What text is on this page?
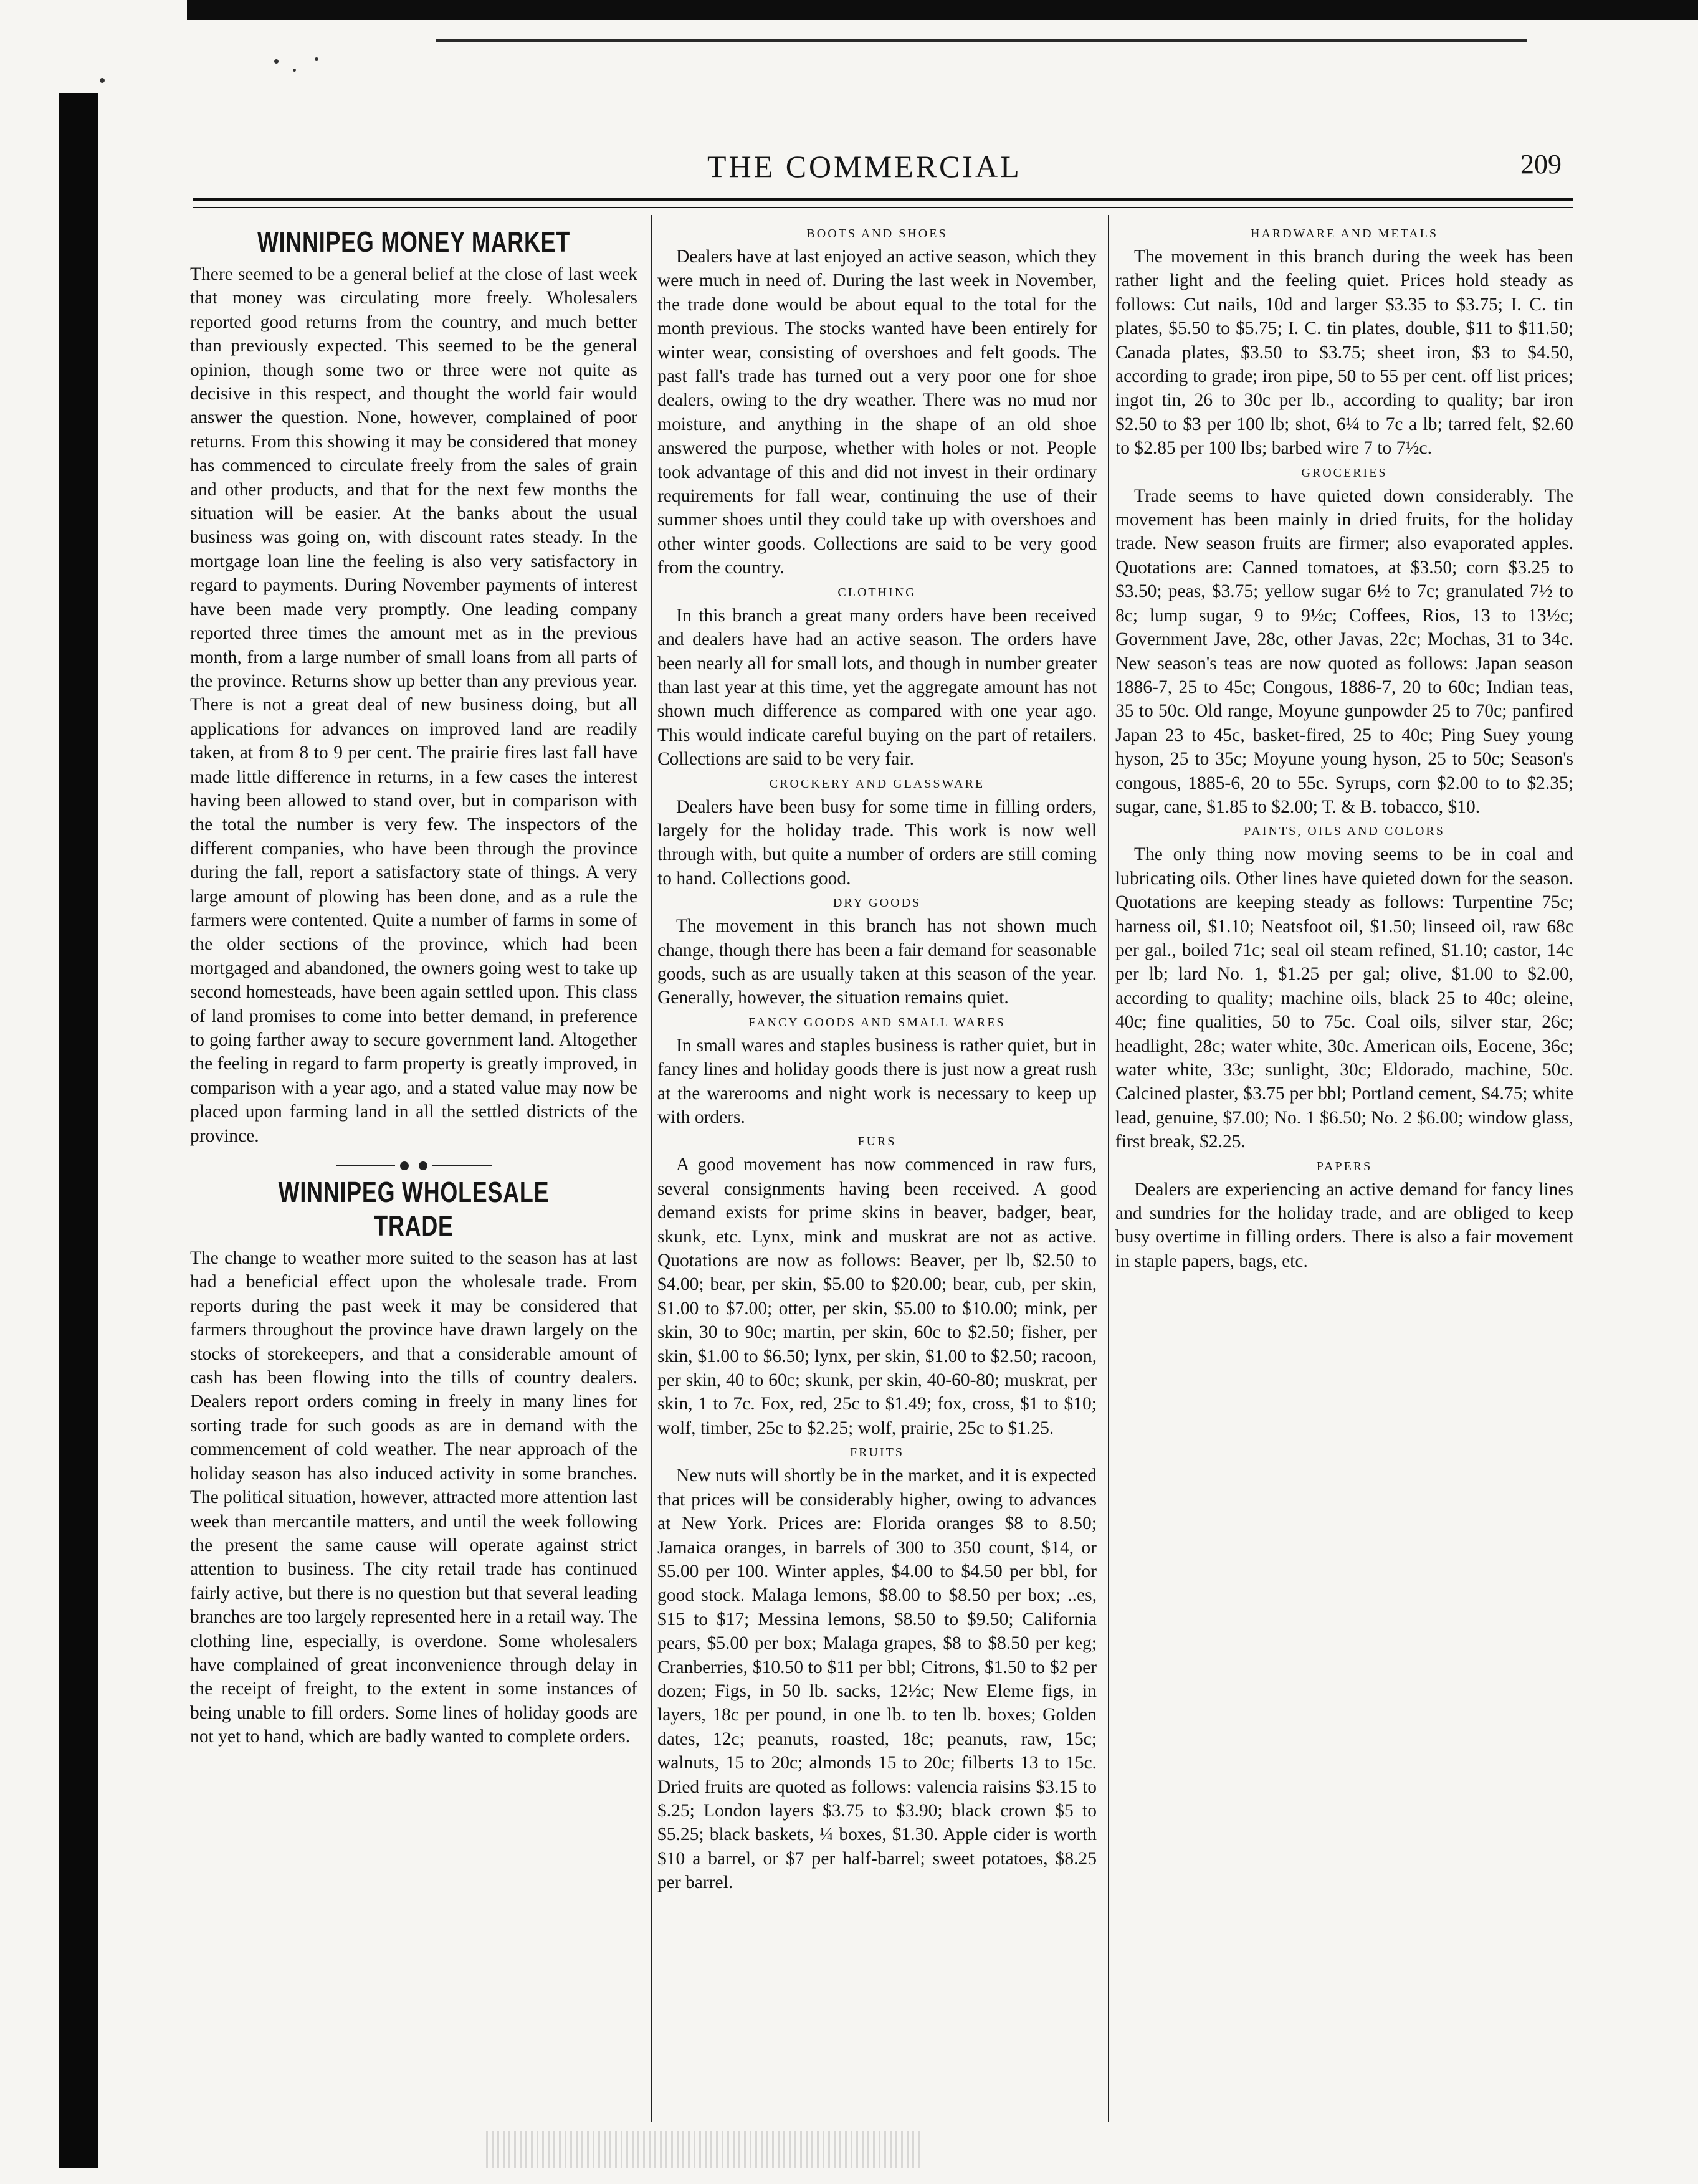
THE COMMERCIAL	209
WINNIPEG MONEY MARKET

There seemed to be a general belief at the close of last week that money was circulating more freely. Wholesalers reported good returns from the country, and much better than previously expected. This seemed to be the general opinion, though some two or three were not quite as decisive in this respect, and thought the world fair would answer the question. None, however, complained of poor returns. From this showing it may be considered that money has commenced to circulate freely from the sales of grain and other products, and that for the next few months the situation will be easier. At the banks about the usual business was going on, with discount rates steady. In the mortgage loan line the feeling is also very satisfactory in regard to payments. During November payments of interest have been made very promptly. One leading company reported three times the amount met as in the previous month, from a large number of small loans from all parts of the province. Returns show up better than any previous year. There is not a great deal of new business doing, but all applications for advances on improved land are readily taken, at from 8 to 9 per cent. The prairie fires last fall have made little difference in returns, in a few cases the interest having been allowed to stand over, but in comparison with the total the number is very few. The inspectors of the different companies, who have been through the province during the fall, report a satisfactory state of things. A very large amount of plowing has been done, and as a rule the farmers were contented. Quite a number of farms in some of the older sections of the province, which had been mortgaged and abandoned, the owners going west to take up second homesteads, have been again settled upon. This class of land promises to come into better demand, in preference to going farther away to secure government land. Altogether the feeling in regard to farm property is greatly improved, in comparison with a year ago, and a stated value may now be placed upon farming land in all the settled districts of the province.

WINNIPEG WHOLESALE TRADE

The change to weather more suited to the season has at last had a beneficial effect upon the wholesale trade. From reports during the past week it may be considered that farmers throughout the province have drawn largely on the stocks of storekeepers, and that a considerable amount of cash has been flowing into the tills of country dealers. Dealers report orders coming in freely in many lines for sorting trade for such goods as are in demand with the commencement of cold weather. The near approach of the holiday season has also induced activity in some branches. The political situation, however, attracted more attention last week than mercantile matters, and until the week following the present the same cause will operate against strict attention to business. The city retail trade has continued fairly active, but there is no question but that several leading branches are too largely represented here in a retail way. The clothing line, especially, is overdone. Some wholesalers have complained of great inconvenience through delay in the receipt of freight, to the extent in some instances of being unable to fill orders. Some lines of holiday goods are not yet to hand, which are badly wanted to complete orders.

BOOTS AND SHOES

Dealers have at last enjoyed an active season, which they were much in need of. During the last week in November, the trade done would be about equal to the total for the month previous. The stocks wanted have been entirely for winter wear, consisting of overshoes and felt goods. The past fall's trade has turned out a very poor one for shoe dealers, owing to the dry weather. There was no mud nor moisture, and anything in the shape of an old shoe answered the purpose, whether with holes or not. People took advantage of this and did not invest in their ordinary requirements for fall wear, continuing the use of their summer shoes until they could take up with overshoes and other winter goods. Collections are said to be very good from the country.

CLOTHING

In this branch a great many orders have been received and dealers have had an active season. The orders have been nearly all for small lots, and though in number greater than last year at this time, yet the aggregate amount has not shown much difference as compared with one year ago. This would indicate careful buying on the part of retailers. Collections are said to be very fair.

CROCKERY AND GLASSWARE

Dealers have been busy for some time in filling orders, largely for the holiday trade. This work is now well through with, but quite a number of orders are still coming to hand. Collections good.

DRY GOODS

The movement in this branch has not shown much change, though there has been a fair demand for seasonable goods, such as are usually taken at this season of the year. Generally, however, the situation remains quiet.

FANCY GOODS AND SMALL WARES

In small wares and staples business is rather quiet, but in fancy lines and holiday goods there is just now a great rush at the warerooms and night work is necessary to keep up with orders.

FURS

A good movement has now commenced in raw furs, several consignments having been received. A good demand exists for prime skins in beaver, badger, bear, skunk, etc. Lynx, mink and muskrat are not as active. Quotations are now as follows: Beaver, per lb, $2.50 to $4.00; bear, per skin, $5.00 to $20.00; bear, cub, per skin, $1.00 to $7.00; otter, per skin, $5.00 to $10.00; mink, per skin, 30 to 90c; martin, per skin, 60c to $2.50; fisher, per skin, $1.00 to $6.50; lynx, per skin, $1.00 to $2.50; racoon, per skin, 40 to 60c; skunk, per skin, 40-60-80; muskrat, per skin, 1 to 7c. Fox, red, 25c to $1.49; fox, cross, $1 to $10; wolf, timber, 25c to $2.25; wolf, prairie, 25c to $1.25.

FRUITS

New nuts will shortly be in the market, and it is expected that prices will be considerably higher, owing to advances at New York. Prices are: Florida oranges $8 to 8.50; Jamaica oranges, in barrels of 300 to 350 count, $14, or $5.00 per 100. Winter apples, $4.00 to $4.50 per bbl, for good stock. Malaga lemons, $8.00 to $8.50 per box; ..es, $15 to $17; Messina lemons, $8.50 to $9.50; California pears, $5.00 per box; Malaga grapes, $8 to $8.50 per keg; Cranberries, $10.50 to $11 per bbl; Citrons, $1.50 to $2 per dozen; Figs, in 50 lb. sacks, 12½c; New Eleme figs, in layers, 18c per pound, in one lb. to ten lb. boxes; Golden dates, 12c; peanuts, roasted, 18c; peanuts, raw, 15c; walnuts, 15 to 20c; almonds 15 to 20c; filberts 13 to 15c. Dried fruits are quoted as follows: valencia raisins $3.15 to $.25; London layers $3.75 to $3.90; black crown $5 to $5.25; black baskets, ¼ boxes, $1.30. Apple cider is worth $10 a barrel, or $7 per half-barrel; sweet potatoes, $8.25 per barrel.

HARDWARE AND METALS

The movement in this branch during the week has been rather light and the feeling quiet. Prices hold steady as follows: Cut nails, 10d and larger $3.35 to $3.75; I. C. tin plates, $5.50 to $5.75; I. C. tin plates, double, $11 to $11.50; Canada plates, $3.50 to $3.75; sheet iron, $3 to $4.50, according to grade; iron pipe, 50 to 55 per cent. off list prices; ingot tin, 26 to 30c per lb., according to quality; bar iron $2.50 to $3 per 100 lb; shot, 6¼ to 7c a lb; tarred felt, $2.60 to $2.85 per 100 lbs; barbed wire 7 to 7½c.

GROCERIES

Trade seems to have quieted down considerably. The movement has been mainly in dried fruits, for the holiday trade. New season fruits are firmer; also evaporated apples. Quotations are: Canned tomatoes, at $3.50; corn $3.25 to $3.50; peas, $3.75; yellow sugar 6½ to 7c; granulated 7½ to 8c; lump sugar, 9 to 9½c; Coffees, Rios, 13 to 13½c; Government Jave, 28c, other Javas, 22c; Mochas, 31 to 34c. New season's teas are now quoted as follows: Japan season 1886-7, 25 to 45c; Congous, 1886-7, 20 to 60c; Indian teas, 35 to 50c. Old range, Moyune gunpowder 25 to 70c; panfired Japan 23 to 45c, basket-fired, 25 to 40c; Ping Suey young hyson, 25 to 35c; Moyune young hyson, 25 to 50c; Season's congous, 1885-6, 20 to 55c. Syrups, corn $2.00 to to $2.35; sugar, cane, $1.85 to $2.00; T. & B. tobacco, $10.

PAINTS, OILS AND COLORS

The only thing now moving seems to be in coal and lubricating oils. Other lines have quieted down for the season. Quotations are keeping steady as follows: Turpentine 75c; harness oil, $1.10; Neatsfoot oil, $1.50; linseed oil, raw 68c per gal., boiled 71c; seal oil steam refined, $1.10; castor, 14c per lb; lard No. 1, $1.25 per gal; olive, $1.00 to $2.00, according to quality; machine oils, black 25 to 40c; oleine, 40c; fine qualities, 50 to 75c. Coal oils, silver star, 26c; headlight, 28c; water white, 30c. American oils, Eocene, 36c; water white, 33c; sunlight, 30c; Eldorado, machine, 50c. Calcined plaster, $3.75 per bbl; Portland cement, $4.75; white lead, genuine, $7.00; No. 1 $6.50; No. 2 $6.00; window glass, first break, $2.25.

PAPERS

Dealers are experiencing an active demand for fancy lines and sundries for the holiday trade, and are obliged to keep busy overtime in filling orders. There is also a fair movement in staple papers, bags, etc.
